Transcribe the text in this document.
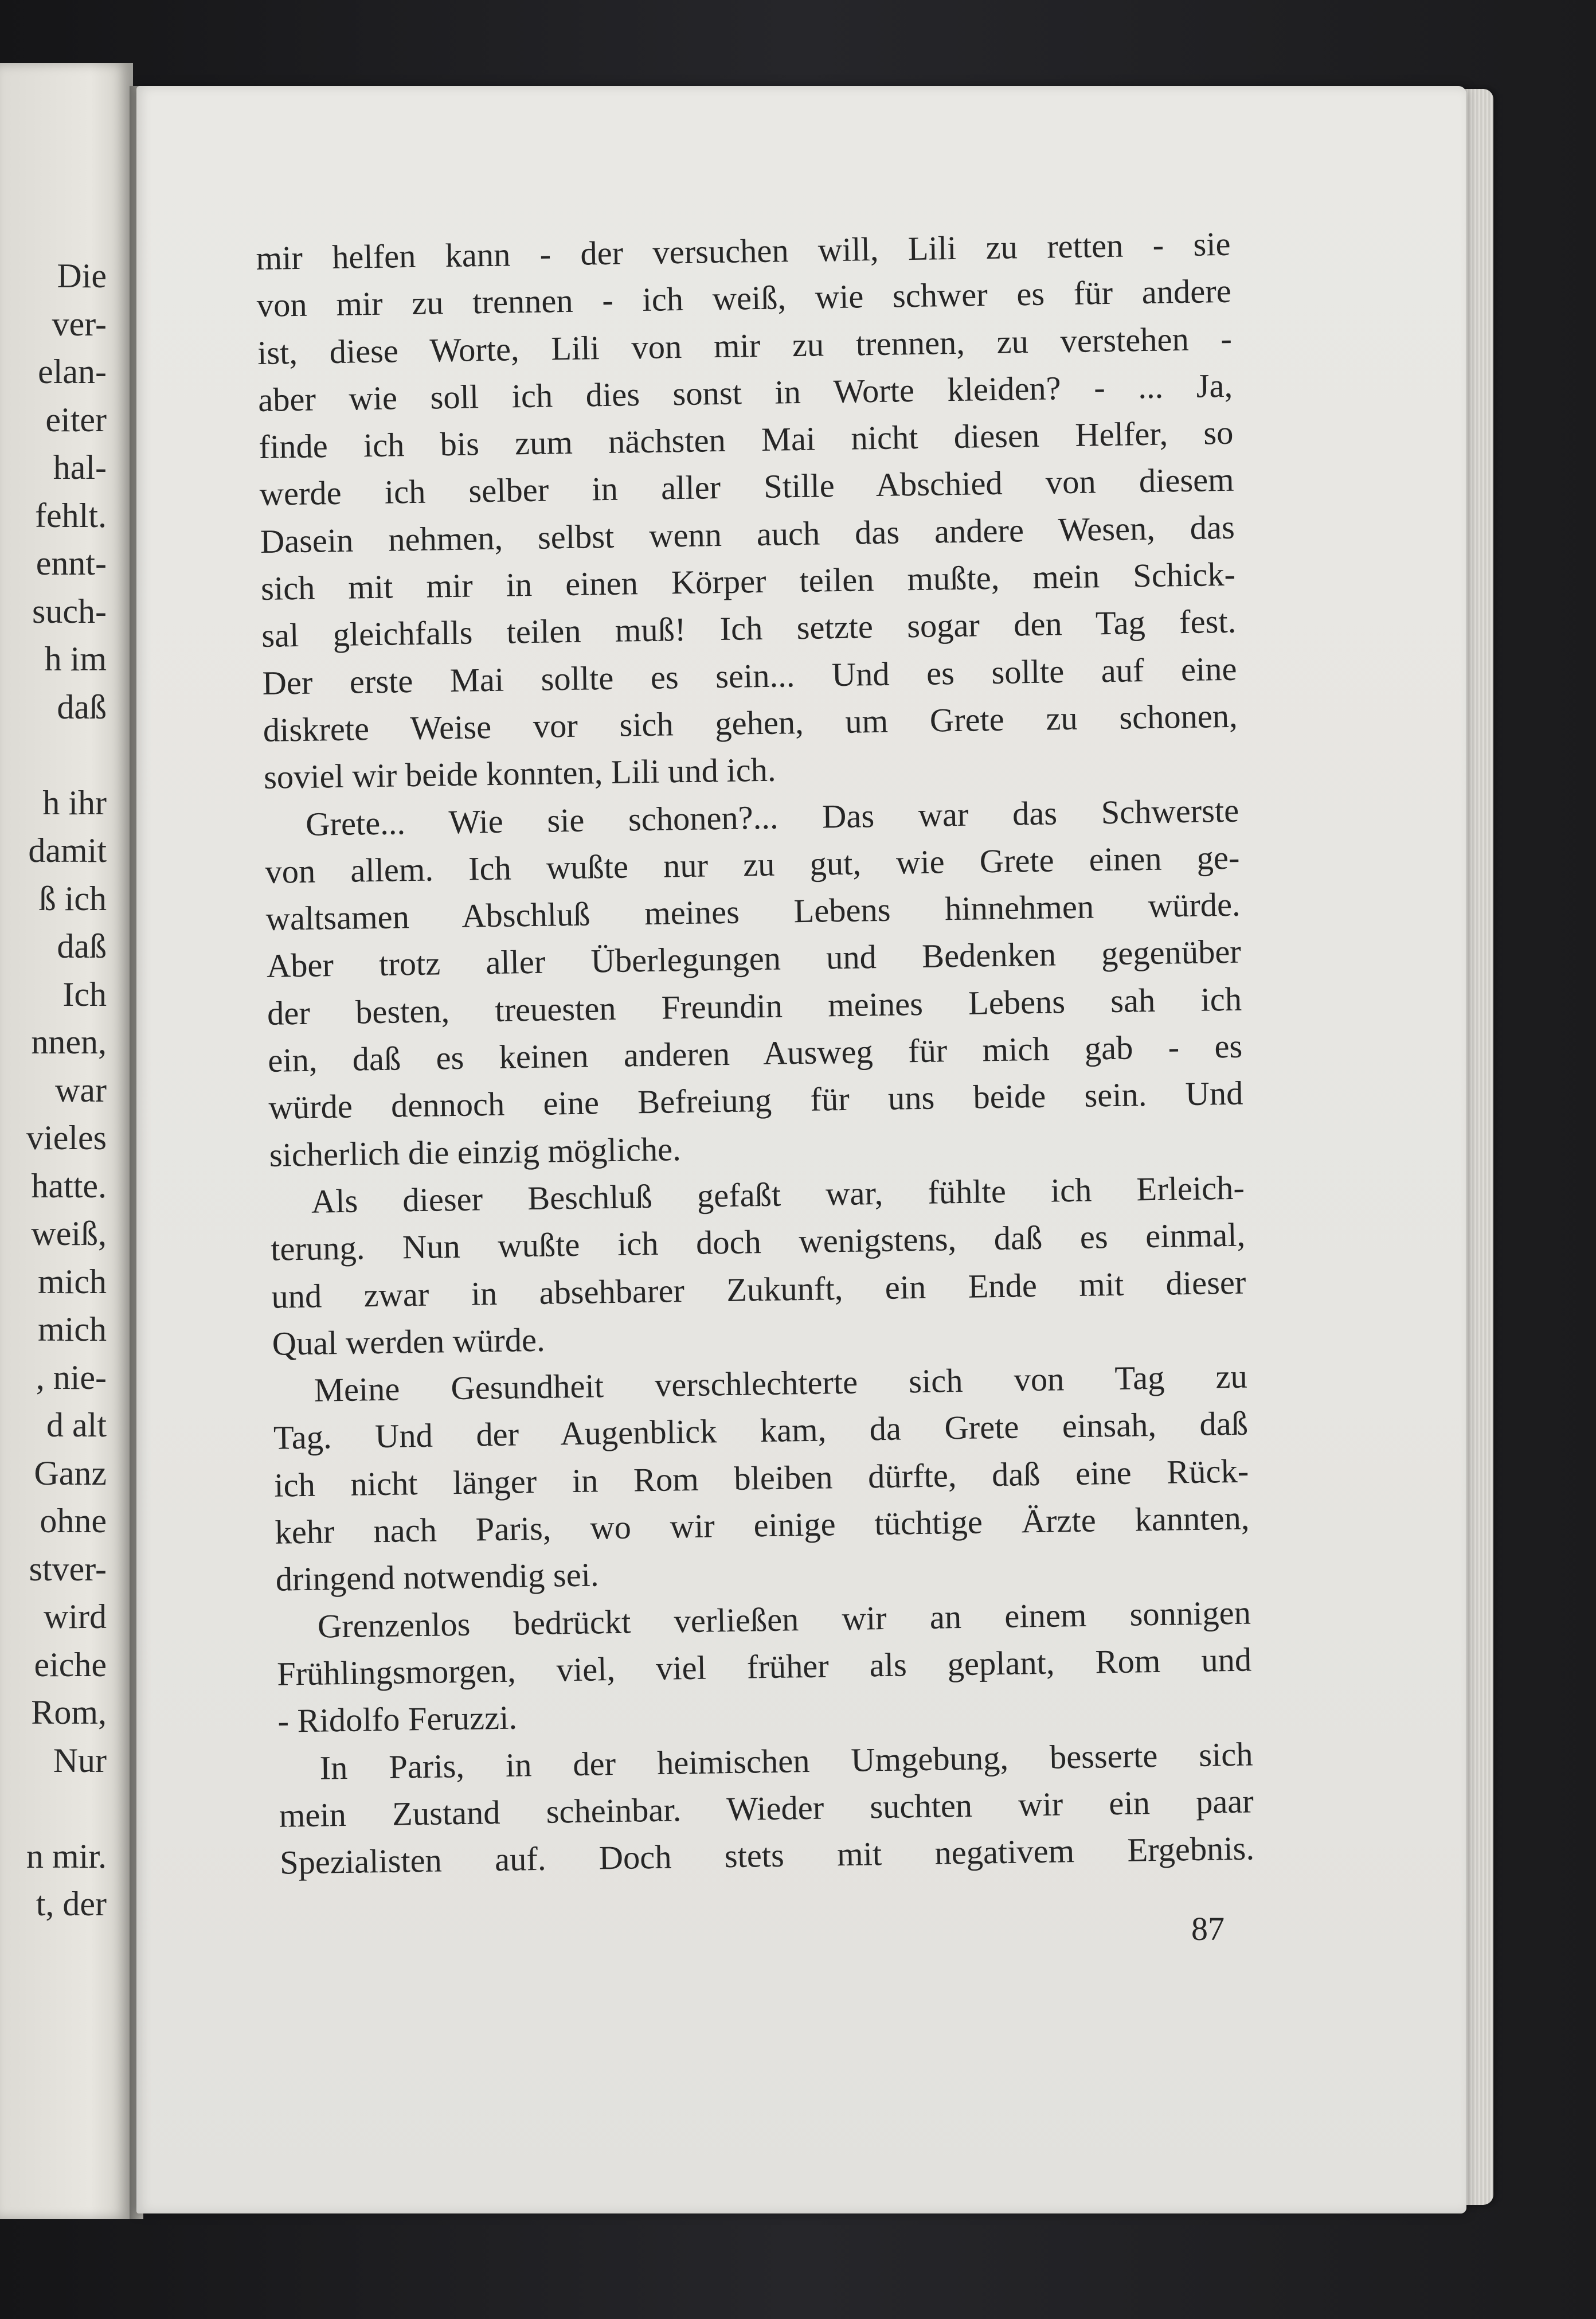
Die
ver-
elan-
eiter
hal-
fehlt.
ennt-
such-
h im
daß

h ihr
damit
ß ich
daß
Ich
nnen,
war
vieles
hatte.
weiß,
mich
mich
, nie-
d alt
Ganz
ohne
stver-
wird
eiche
Rom,
Nur

n mir.
t, der
mir helfen kann - der versuchen will, Lili zu retten - sie
von mir zu trennen - ich weiß, wie schwer es für andere
ist, diese Worte, Lili von mir zu trennen, zu verstehen -
aber wie soll ich dies sonst in Worte kleiden? - ... Ja,
finde ich bis zum nächsten Mai nicht diesen Helfer, so
werde ich selber in aller Stille Abschied von diesem
Dasein nehmen, selbst wenn auch das andere Wesen, das
sich mit mir in einen Körper teilen mußte, mein Schick-
sal gleichfalls teilen muß! Ich setzte sogar den Tag fest.
Der erste Mai sollte es sein... Und es sollte auf eine
diskrete Weise vor sich gehen, um Grete zu schonen,
soviel wir beide konnten, Lili und ich.
Grete... Wie sie schonen?... Das war das Schwerste
von allem. Ich wußte nur zu gut, wie Grete einen ge-
waltsamen Abschluß meines Lebens hinnehmen würde.
Aber trotz aller Überlegungen und Bedenken gegenüber
der besten, treuesten Freundin meines Lebens sah ich
ein, daß es keinen anderen Ausweg für mich gab - es
würde dennoch eine Befreiung für uns beide sein. Und
sicherlich die einzig mögliche.
Als dieser Beschluß gefaßt war, fühlte ich Erleich-
terung. Nun wußte ich doch wenigstens, daß es einmal,
und zwar in absehbarer Zukunft, ein Ende mit dieser
Qual werden würde.
Meine Gesundheit verschlechterte sich von Tag zu
Tag. Und der Augenblick kam, da Grete einsah, daß
ich nicht länger in Rom bleiben dürfte, daß eine Rück-
kehr nach Paris, wo wir einige tüchtige Ärzte kannten,
dringend notwendig sei.
Grenzenlos bedrückt verließen wir an einem sonnigen
Frühlingsmorgen, viel, viel früher als geplant, Rom und
- Ridolfo Feruzzi.
In Paris, in der heimischen Umgebung, besserte sich
mein Zustand scheinbar. Wieder suchten wir ein paar
Spezialisten auf. Doch stets mit negativem Ergebnis.
87
